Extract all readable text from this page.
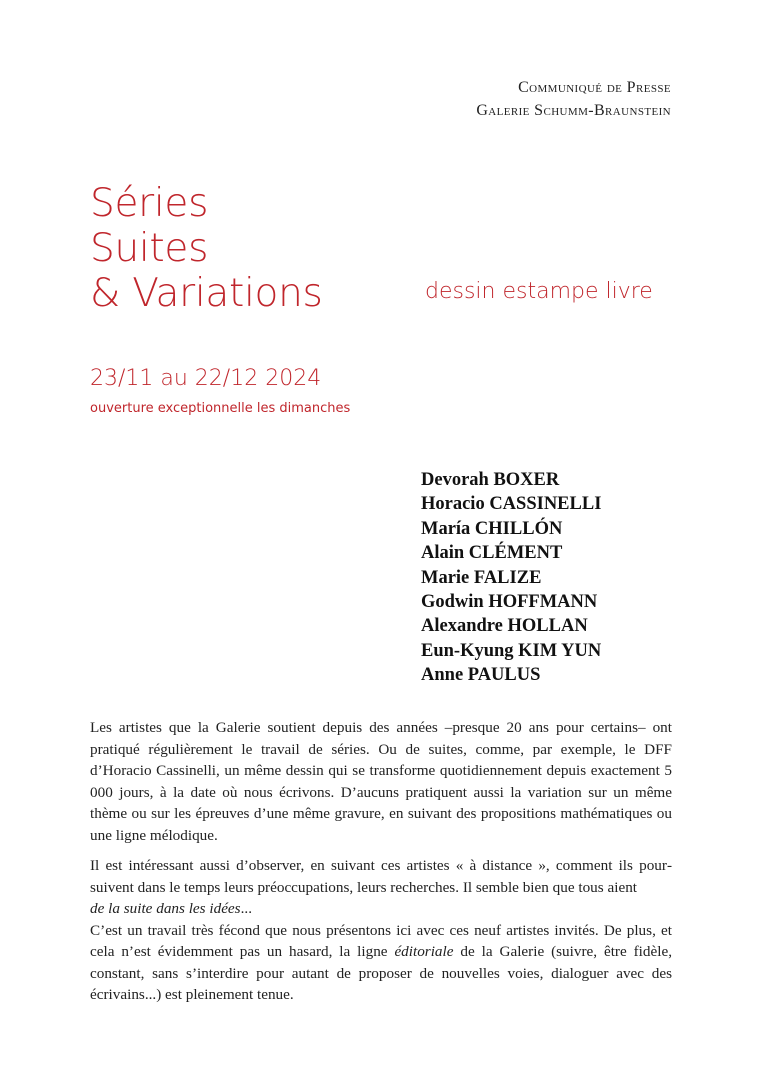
Communiqué de Presse
Galerie Schumm-Braunstein
Séries
Suites
& Variations	dessin estampe livre
23/11 au 22/12 2024
ouverture exceptionnelle les dimanches
Devorah BOXER
Horacio CASSINELLI
María CHILLÓN
Alain CLÉMENT
Marie FALIZE
Godwin HOFFMANN
Alexandre HOLLAN
Eun-Kyung KIM YUN
Anne PAULUS

Les artistes que la Galerie soutient depuis des années –presque 20 ans pour certains– ont pratiqué régulièrement le travail de séries. Ou de suites, comme, par exemple, le DFF d’Horacio Cassinelli, un même dessin qui se transforme quotidiennement depuis exactement 5 000 jours, à la date où nous écrivons. D’aucuns pratiquent aussi la variation sur un même thème ou sur les épreuves d’une même gravure, en suivant des propositions mathématiques ou une ligne mélodique.

Il est intéressant aussi d’observer, en suivant ces artistes « à distance », comment ils poursuivent dans le temps leurs préoccupations, leurs recherches. Il semble bien que tous aient
de la suite dans les idées...

C’est un travail très fécond que nous présentons ici avec ces neuf artistes invités. De plus, et cela n’est évidemment pas un hasard, la ligne éditoriale de la Galerie (suivre, être fidèle, constant, sans s’interdire pour autant de proposer de nouvelles voies, dialoguer avec des écrivains...) est pleinement tenue.
